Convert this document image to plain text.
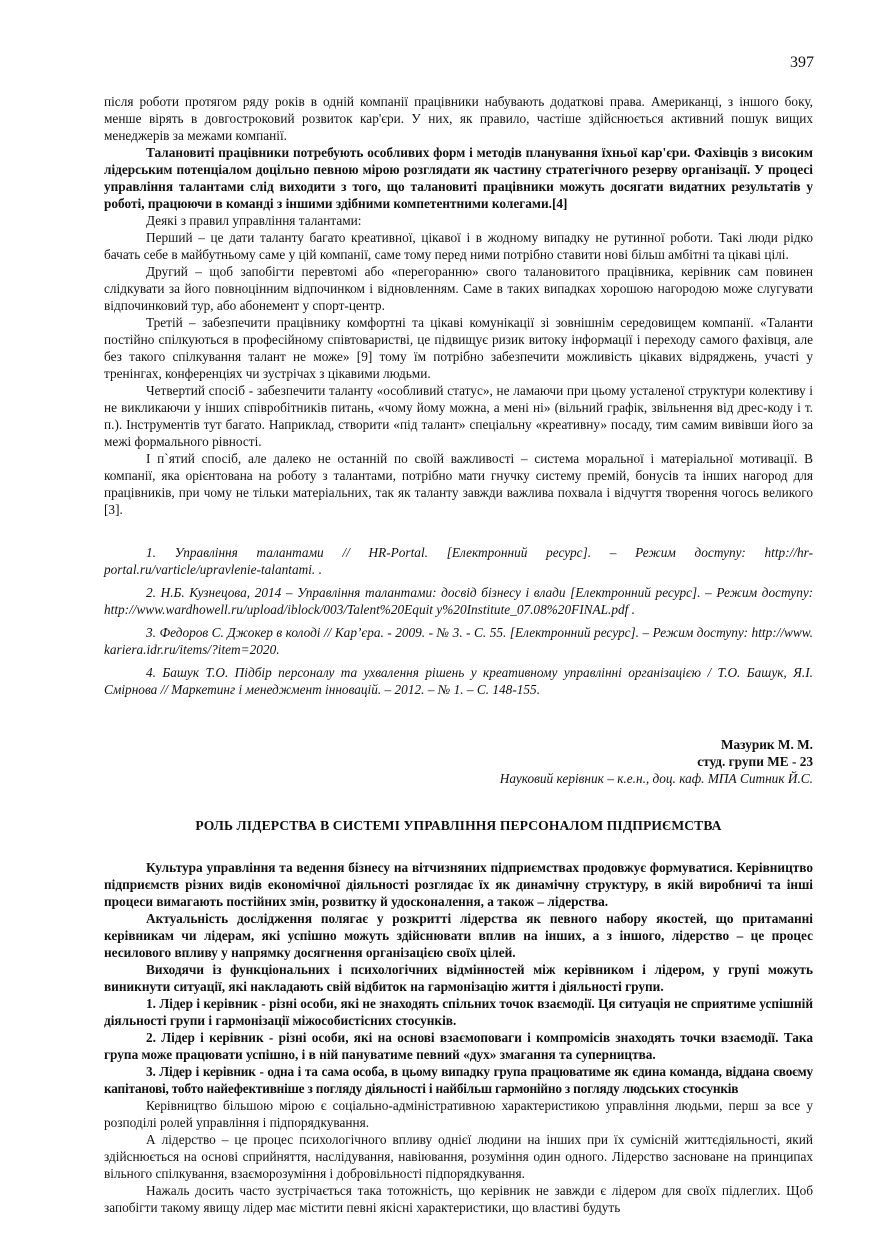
397

після роботи протягом ряду років в одній компанії працівники набувають додаткові права. Американці, з іншого боку, менше вірять в довгостроковий розвиток кар'єри. У них, як правило, частіше здійснюється активний пошук вищих менеджерів за межами компанії.

Талановиті працівники потребують особливих форм і методів планування їхньої кар'єри. Фахівців з високим лідерським потенціалом доцільно певною мірою розглядати як частину стратегічного резерву організації. У процесі управління талантами слід виходити з того, що талановиті працівники можуть досягати видатних результатів у роботі, працюючи в команді з іншими здібними компетентними колегами.[4]

Деякі з правил управління талантами:

Перший – це дати таланту багато креативної, цікавої і в жодному випадку не рутинної роботи. Такі люди рідко бачать себе в майбутньому саме у цій компанії, саме тому перед ними потрібно ставити нові більш амбітні та цікаві цілі.

Другий – щоб запобігти перевтомі або «перегоранню» свого талановитого працівника, керівник сам повинен слідкувати за його повноцінним відпочинком і відновленням. Саме в таких випадках хорошою нагородою може слугувати відпочинковий тур, або абонемент у спорт-центр.

Третій – забезпечити працівнику комфортні та цікаві комунікації зі зовнішнім середовищем компанії. «Таланти постійно спілкуються в професійному співтоваристві, це підвищує ризик витоку інформації і переходу самого фахівця, але без такого спілкування талант не може» [9] тому їм потрібно забезпечити можливість цікавих відряджень, участі у тренінгах, конференціях чи зустрічах з цікавими людьми.

Четвертий спосіб - забезпечити таланту «особливий статус», не ламаючи при цьому усталеної структури колективу і не викликаючи у інших співробітників питань, «чому йому можна, а мені ні» (вільний графік, звільнення від дрес-коду і т. п.). Інструментів тут багато. Наприклад, створити «під талант» спеціальну «креативну» посаду, тим самим вивівши його за межі формального рівності.

І п`ятий спосіб, але далеко не останній по своїй важливості – система моральної і матеріальної мотивації. В компанії, яка орієнтована на роботу з талантами, потрібно мати гнучку систему премій, бонусів та інших нагород для працівників, при чому не тільки матеріальних, так як таланту завжди важлива похвала і відчуття творення чогось великого [3].

1. Управління талантами // HR-Portal. [Електронний ресурс]. – Режим доступу: http://hr-portal.ru/varticle/upravlenie-talantami. .

2. Н.Б. Кузнецова, 2014 – Управління талантами: досвід бізнесу і влади [Електронний ресурс]. – Режим доступу: http://www.wardhowell.ru/upload/iblock/003/Talent%20Equit y%20Institute_07.08%20FINAL.pdf .

3. Федоров С. Джокер в колоді // Кар’єра. - 2009. - № 3. - С. 55. [Електронний ресурс]. – Режим доступу: http://www. kariera.idr.ru/items/?item=2020.

4. Башук Т.О. Підбір персоналу та ухвалення рішень у креативному управлінні організацією / Т.О. Башук, Я.І. Смірнова // Маркетинг і менеджмент інновацій. – 2012. – № 1. – С. 148-155.

Мазурик М. М.
студ. групи МЕ - 23
Науковий керівник – к.е.н., доц. каф. МПА Ситник Й.С.
РОЛЬ ЛІДЕРСТВА В СИСТЕМІ УПРАВЛІННЯ ПЕРСОНАЛОМ ПІДПРИЄМСТВА

Культура управління та ведення бізнесу на вітчизняних підприємствах продовжує формуватися. Керівництво підприємств різних видів економічної діяльності розглядає їх як динамічну структуру, в якій виробничі та інші процеси вимагають постійних змін, розвитку й удосконалення, а також – лідерства.

Актуальність дослідження полягає у розкритті лідерства як певного набору якостей, що притаманні керівникам чи лідерам, які успішно можуть здійснювати вплив на інших, а з іншого, лідерство – це процес несилового впливу у напрямку досягнення організацією своїх цілей.

Виходячи із функціональних і психологічних відмінностей між керівником і лідером, у групі можуть виникнути ситуації, які накладають свій відбиток на гармонізацію життя і діяльності групи.

1. Лідер і керівник - різні особи, які не знаходять спільних точок взаємодії. Ця ситуація не сприятиме успішній діяльності групи і гармонізації міжособистісних стосунків.

2. Лідер і керівник - різні особи, які на основі взаємоповаги і компромісів знаходять точки взаємодії. Така група може працювати успішно, і в ній пануватиме певний «дух» змагання та суперництва.

3. Лідер і керівник - одна і та сама особа, в цьому випадку група працюватиме як єдина команда, віддана своєму капітанові, тобто найефективніше з погляду діяльності і найбільш гармонійно з погляду людських стосунків

Керівництво більшою мірою є соціально-адміністративною характеристикою управління людьми, перш за все у розподілі ролей управління і підпорядкування.

А лідерство – це процес психологічного впливу однієї людини на інших при їх сумісній життєдіяльності, який здійснюється на основі сприйняття, наслідування, навіювання, розуміння один одного. Лідерство засноване на принципах вільного спілкування, взаєморозуміння і добровільності підпорядкування.

Нажаль досить часто зустрічається така тотожність, що керівник не завжди є лідером для своїх підлеглих. Щоб запобігти такому явищу лідер має містити певні якісні характеристики, що властиві будуть
